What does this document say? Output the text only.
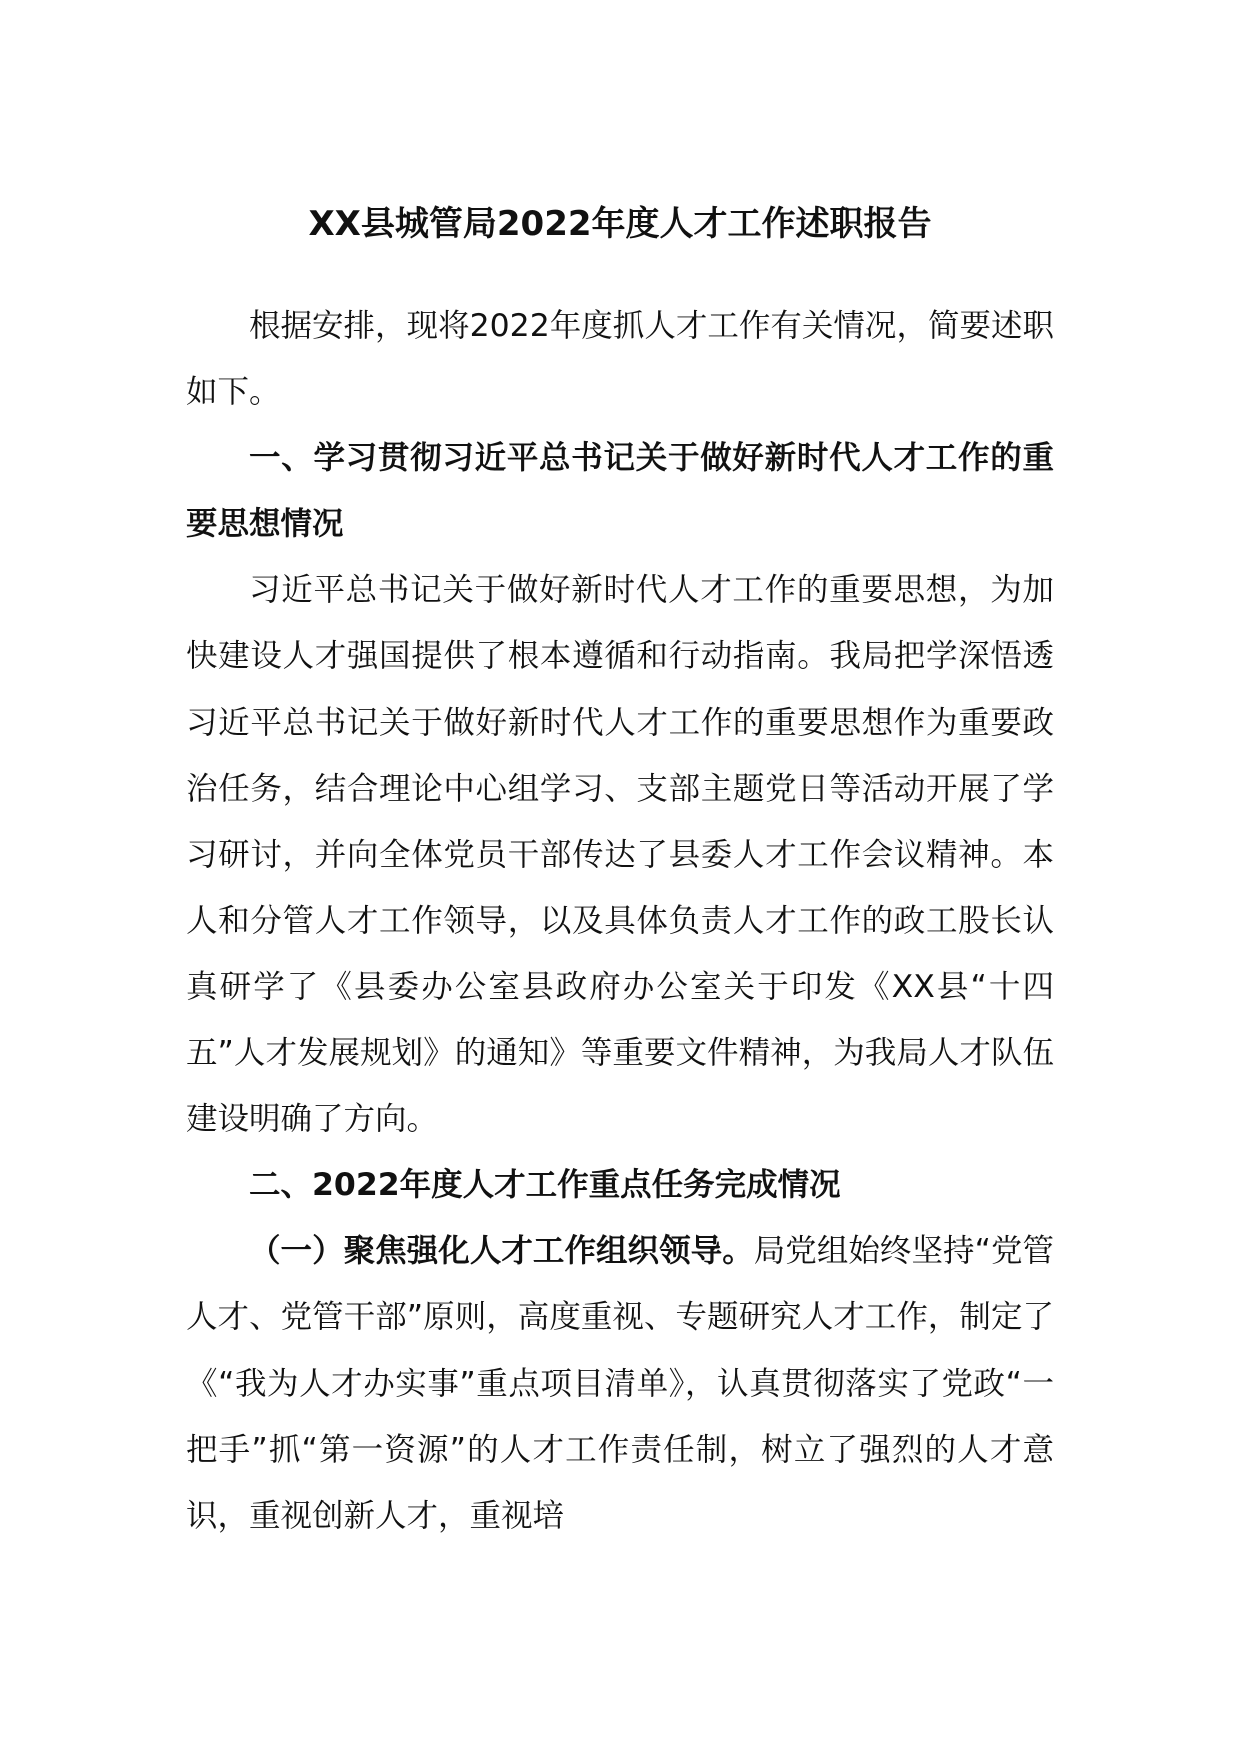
XX县城管局2022年度人才工作述职报告

根据安排，现将2022年度抓人才工作有关情况，简要述职如下。

一、学习贯彻习近平总书记关于做好新时代人才工作的重要思想情况

习近平总书记关于做好新时代人才工作的重要思想，为加快建设人才强国提供了根本遵循和行动指南。我局把学深悟透习近平总书记关于做好新时代人才工作的重要思想作为重要政治任务，结合理论中心组学习、支部主题党日等活动开展了学习研讨，并向全体党员干部传达了县委人才工作会议精神。本人和分管人才工作领导，以及具体负责人才工作的政工股长认真研学了《县委办公室县政府办公室关于印发《XX县“十四五”人才发展规划》的通知》等重要文件精神，为我局人才队伍建设明确了方向。

二、2022年度人才工作重点任务完成情况

（一）聚焦强化人才工作组织领导。局党组始终坚持“党管人才、党管干部”原则，高度重视、专题研究人才工作，制定了《“我为人才办实事”重点项目清单》，认真贯彻落实了党政“一把手”抓“第一资源”的人才工作责任制，树立了强烈的人才意识，重视创新人才，重视培
